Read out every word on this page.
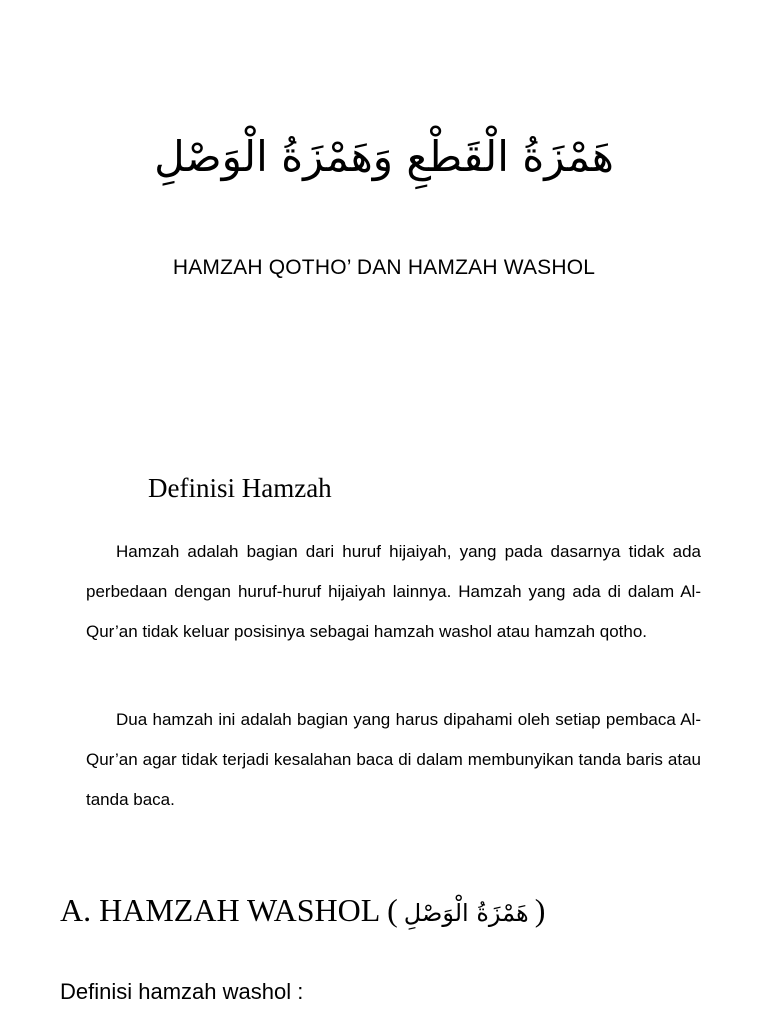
هَمْزَةُ الْقَطْعِ وَهَمْزَةُ الْوَصْلِ
HAMZAH QOTHO’ DAN HAMZAH WASHOL
Definisi Hamzah

Hamzah adalah bagian dari huruf hijaiyah, yang pada dasarnya tidak ada perbedaan dengan huruf-huruf hijaiyah lainnya. Hamzah yang ada di dalam Al-Qur’an tidak keluar posisinya sebagai hamzah washol atau hamzah qotho.

Dua hamzah ini adalah bagian yang harus dipahami oleh setiap pembaca Al-Qur’an agar tidak terjadi kesalahan baca di dalam membunyikan tanda baris atau tanda baca.

A. HAMZAH WASHOL ( هَمْزَةُ الْوَصْلِ )
Definisi hamzah washol :
